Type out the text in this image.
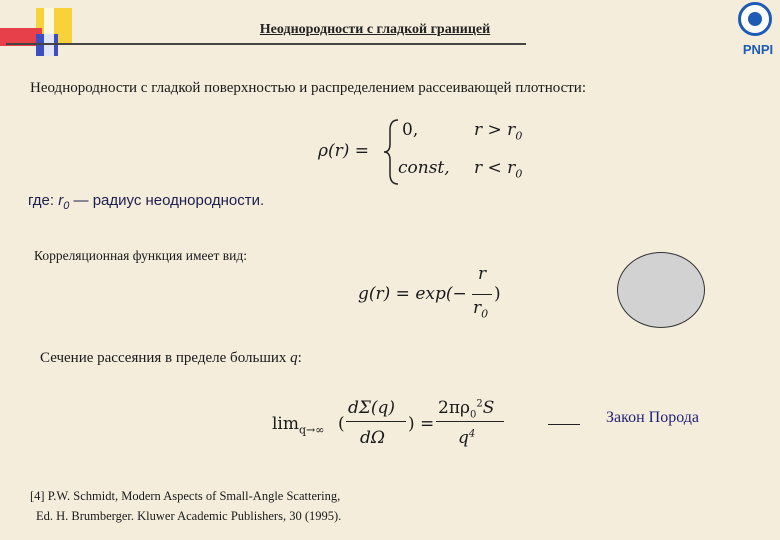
Неоднородности с гладкой границей
PNPI
Неоднородности с гладкой поверхностью и распределением рассеивающей плотности:
ρ(r) =
0,	$r > r_0$
const, $r < r_0$
где: $r_0$ — радиус неоднородности.
Корреляционная функция имеет вид:
g(r) = exp(−
r
$r_0$
)
Сечение рассеяния в пределе больших q:
$\lim_{q\to\infty}$ (
dΣ(q)
dΩ
) =
$2\pi\rho_0^2S$
$q^4$
Закон Порода
[4] P.W. Schmidt, Modern Aspects of Small-Angle Scattering,
Ed. H. Brumberger. Kluwer Academic Publishers, 30 (1995).
